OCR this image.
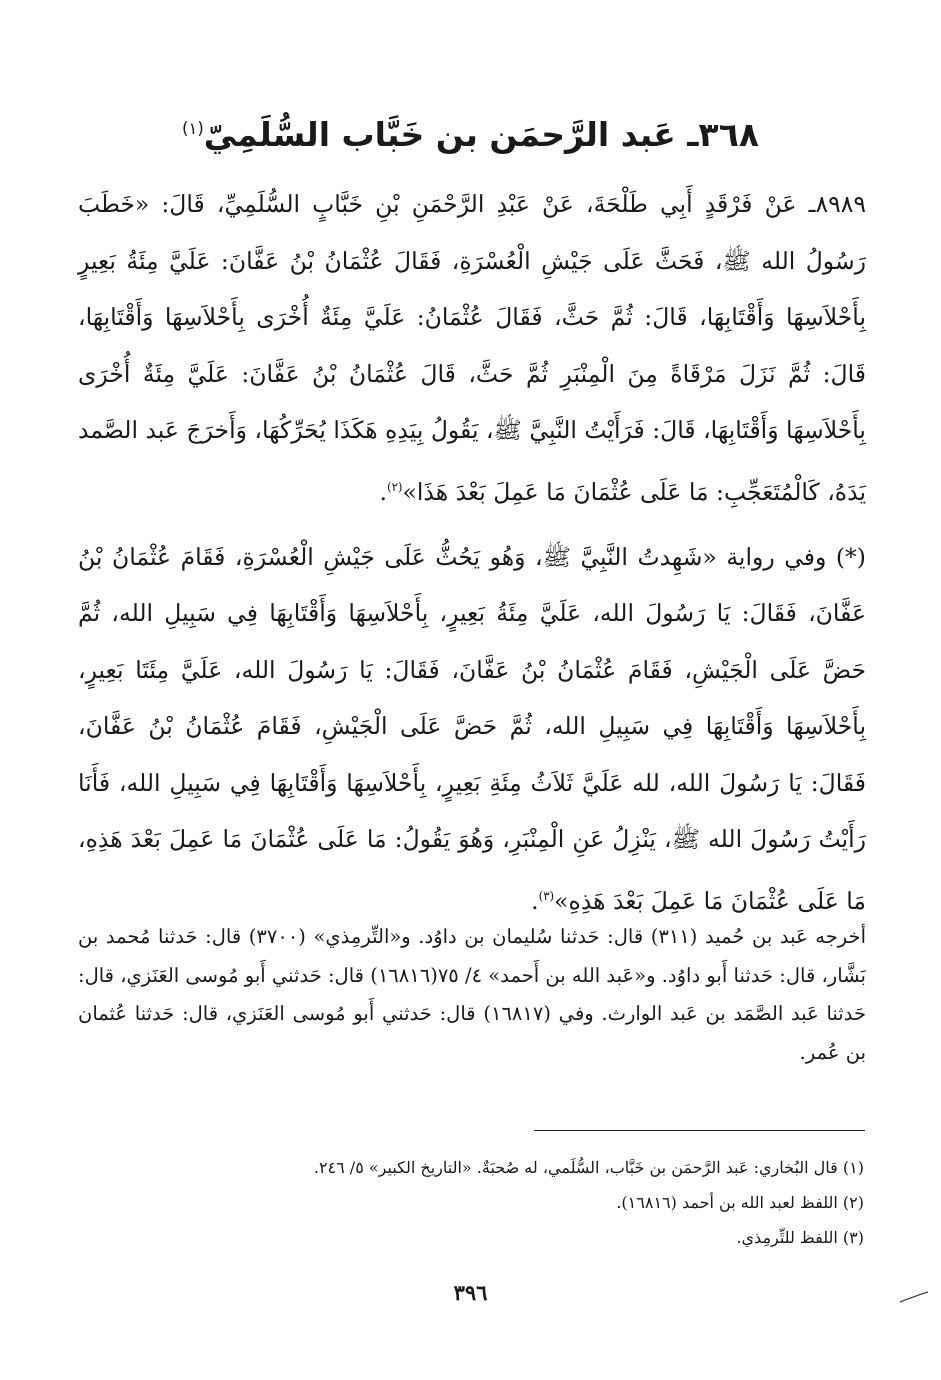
٣٦٨ـ عَبد الرَّحمَن بن خَبَّاب السُّلَمِيّ$^{(١)}$

٨٩٨٩ـ عَنْ فَرْقَدٍ أَبِي طَلْحَةَ، عَنْ عَبْدِ الرَّحْمَنِ بْنِ خَبَّابٍ السُّلَمِيِّ، قَالَ: «خَطَبَ رَسُولُ الله ﷺ، فَحَثَّ عَلَى جَيْشِ الْعُسْرَةِ، فَقَالَ عُثْمَانُ بْنُ عَفَّانَ: عَلَيَّ مِئَةُ بَعِيرٍ بِأَحْلاَسِهَا وَأَقْتَابِهَا، قَالَ: ثُمَّ حَثَّ، فَقَالَ عُثْمَانُ: عَلَيَّ مِئَةٌ أُخْرَى بِأَحْلاَسِهَا وَأَقْتَابِهَا، قَالَ: ثُمَّ نَزَلَ مَرْقَاةً مِنَ الْمِنْبَرِ ثُمَّ حَثَّ، قَالَ عُثْمَانُ بْنُ عَفَّانَ: عَلَيَّ مِئَةٌ أُخْرَى بِأَحْلاَسِهَا وَأَقْتَابِهَا، قَالَ: فَرَأَيْتُ النَّبِيَّ ﷺ، يَقُولُ بِيَدِهِ هَكَذَا يُحَرِّكُهَا، وَأَخرَجَ عَبد الصَّمد يَدَهُ، كَالْمُتَعَجِّبِ: مَا عَلَى عُثْمَانَ مَا عَمِلَ بَعْدَ هَذَا»$^{(٢)}$.

(*) وفي رواية «شَهِدتُ النَّبِيَّ ﷺ، وَهُو يَحُثُّ عَلَى جَيْشِ الْعُسْرَةِ، فَقَامَ عُثْمَانُ بْنُ عَفَّانَ، فَقَالَ: يَا رَسُولَ الله، عَلَيَّ مِئَةُ بَعِيرٍ، بِأَحْلاَسِهَا وَأَقْتَابِهَا فِي سَبِيلِ الله، ثُمَّ حَضَّ عَلَى الْجَيْشِ، فَقَامَ عُثْمَانُ بْنُ عَفَّانَ، فَقَالَ: يَا رَسُولَ الله، عَلَيَّ مِئَتَا بَعِيرٍ، بِأَحْلاَسِهَا وَأَقْتَابِهَا فِي سَبِيلِ الله، ثُمَّ حَضَّ عَلَى الْجَيْشِ، فَقَامَ عُثْمَانُ بْنُ عَفَّانَ، فَقَالَ: يَا رَسُولَ الله، لله عَلَيَّ ثَلاَثُ مِئَةِ بَعِيرٍ، بِأَحْلاَسِهَا وَأَقْتَابِهَا فِي سَبِيلِ الله، فَأَنَا رَأَيْتُ رَسُولَ الله ﷺ، يَنْزِلُ عَنِ الْمِنْبَرِ، وَهُوَ يَقُولُ: مَا عَلَى عُثْمَانَ مَا عَمِلَ بَعْدَ هَذِهِ، مَا عَلَى عُثْمَانَ مَا عَمِلَ بَعْدَ هَذِهِ»$^{(٣)}$.

أخرجه عَبد بن حُميد (٣١١) قال: حَدثنا سُليمان بن داوُد. و«التِّرمِذي» (٣٧٠٠) قال: حَدثنا مُحمد بن بَشَّار، قال: حَدثنا أَبو داوُد. و«عَبد الله بن أَحمد» ٤/ ٧٥(١٦٨١٦) قال: حَدثني أَبو مُوسى العَنَزي، قال: حَدثنا عَبد الصَّمَد بن عَبد الوارث. وفي (١٦٨١٧) قال: حَدثني أَبو مُوسى العَنَزي، قال: حَدثنا عُثمان بن عُمر.

(١) قال البُخاري: عَبد الرَّحمَن بن خَبَّاب، السُّلَمي، له صُحبَةٌ. «التاريخ الكبير» ٥/ ٢٤٦.

(٢) اللفظ لعبد الله بن أحمد (١٦٨١٦).

(٣) اللفظ للتِّرمِذي.

٣٩٦
